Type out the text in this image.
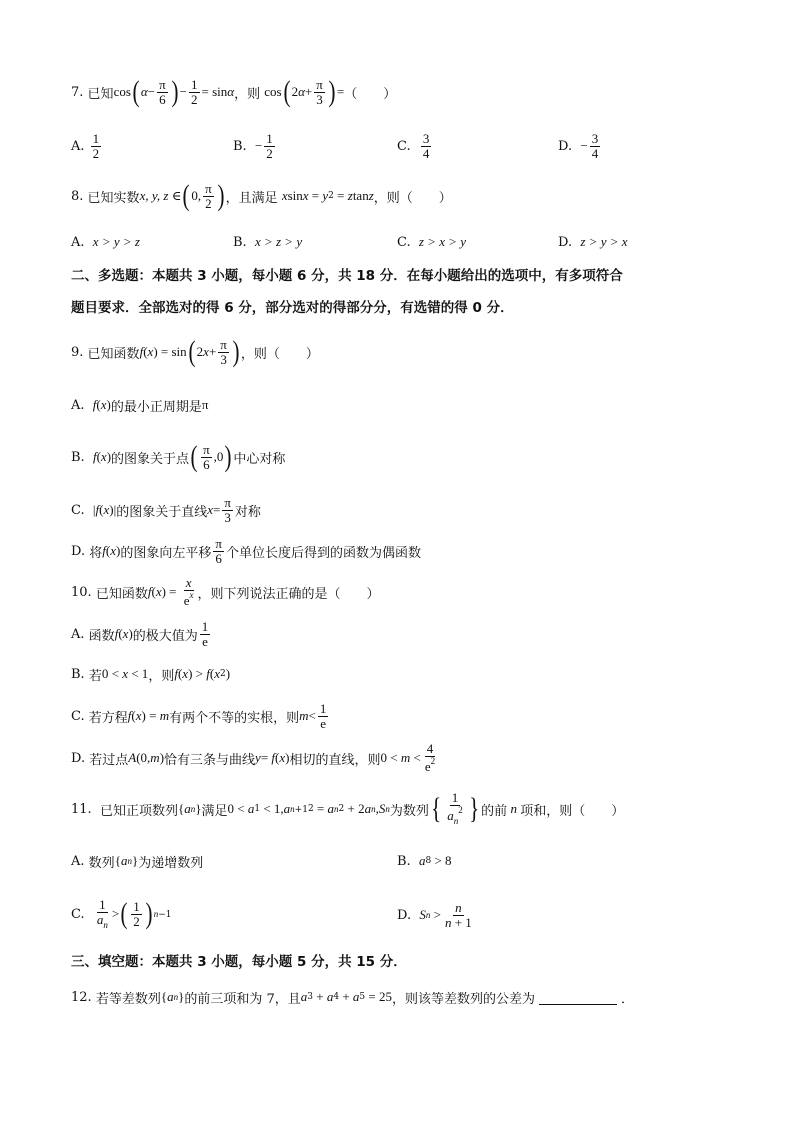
7.
已知 cos ( $\alpha - \frac{\pi}{6}$ ) − $\frac{1}{2} = \sin \alpha$ ，则
cos ( 2 $\alpha + \frac{\pi}{3}$ ) = （　　）
A.
$\frac{1}{2}$	B.
− $\frac{1}{2}$	C.
$\frac{3}{4}$	D.
− $\frac{3}{4}$
8.
已知实数 x, y, z ∈ ( 0, $\frac{\pi}{2}$ ) ，且满足
x sin x = y 2 = z tan z ，则（　　）
A.
x > y > z	B.
x > z > y	C.
z > x > y	D.
z > y > x
二、多选题：本题共 3 小题，每小题 6 分，共 18 分．在每小题给出的选项中，有多项符合
题目要求．全部选对的得 6 分，部分选对的得部分分，有选错的得 0 分．
9.
已知函数 f ( x ) = sin ( 2 $x + \frac{\pi}{3}$ ) ，则（　　）
A.
f ( x ) 的最小正周期是 π
B.
f ( x ) 的图象关于点 ( $\frac{\pi}{6} ,0$ ) 中心对称
C.
| f ( x )| 的图象关于直线 $x = \frac{\pi}{3}$ 对称
D.
将 f ( x ) 的图象向左平移 $\frac{\pi}{6}$ 个单位长度后得到的函数为偶函数
10.
已知函数 f ( x ) = $\frac{x}{e^x}$ ，则下列说法正确的是（　　）
A.
函数 f ( x ) 的极大值为 $\frac{1}{e}$
B.
若 0 < x < 1 ，则 f ( x ) > f ( x 2 )
C.
若方程 f ( x ) = m 有两个不等的实根，则 $m < \frac{1}{e}$
D.
若过点 A (0, m ) 恰有三条与曲线 y = f ( x ) 相切的直线，则 $0 < m < \frac{4}{e^2}$
11.
已知正项数列 { a n } 满足 0 < a 1 < 1, a n+1 2 = a n 2 + 2 a n , S n 为数列 { $\frac{1}{a_n^2}$ } 的前 n 项和，则（　　）
A.
数列 { a n } 为递增数列	B.
a 8 > 8
C.
$\frac{1}{a_n}$ > ( $\frac{1}{2}$ ) n−1	D.
S $n > \frac{n}{n + 1}$
三、填空题：本题共 3 小题，每小题 5 分，共 15 分．
12.
若等差数列 { a n } 的前三项和为 7，且 a 3 + a 4 + a 5 = 25 ，则该等差数列的公差为	．
